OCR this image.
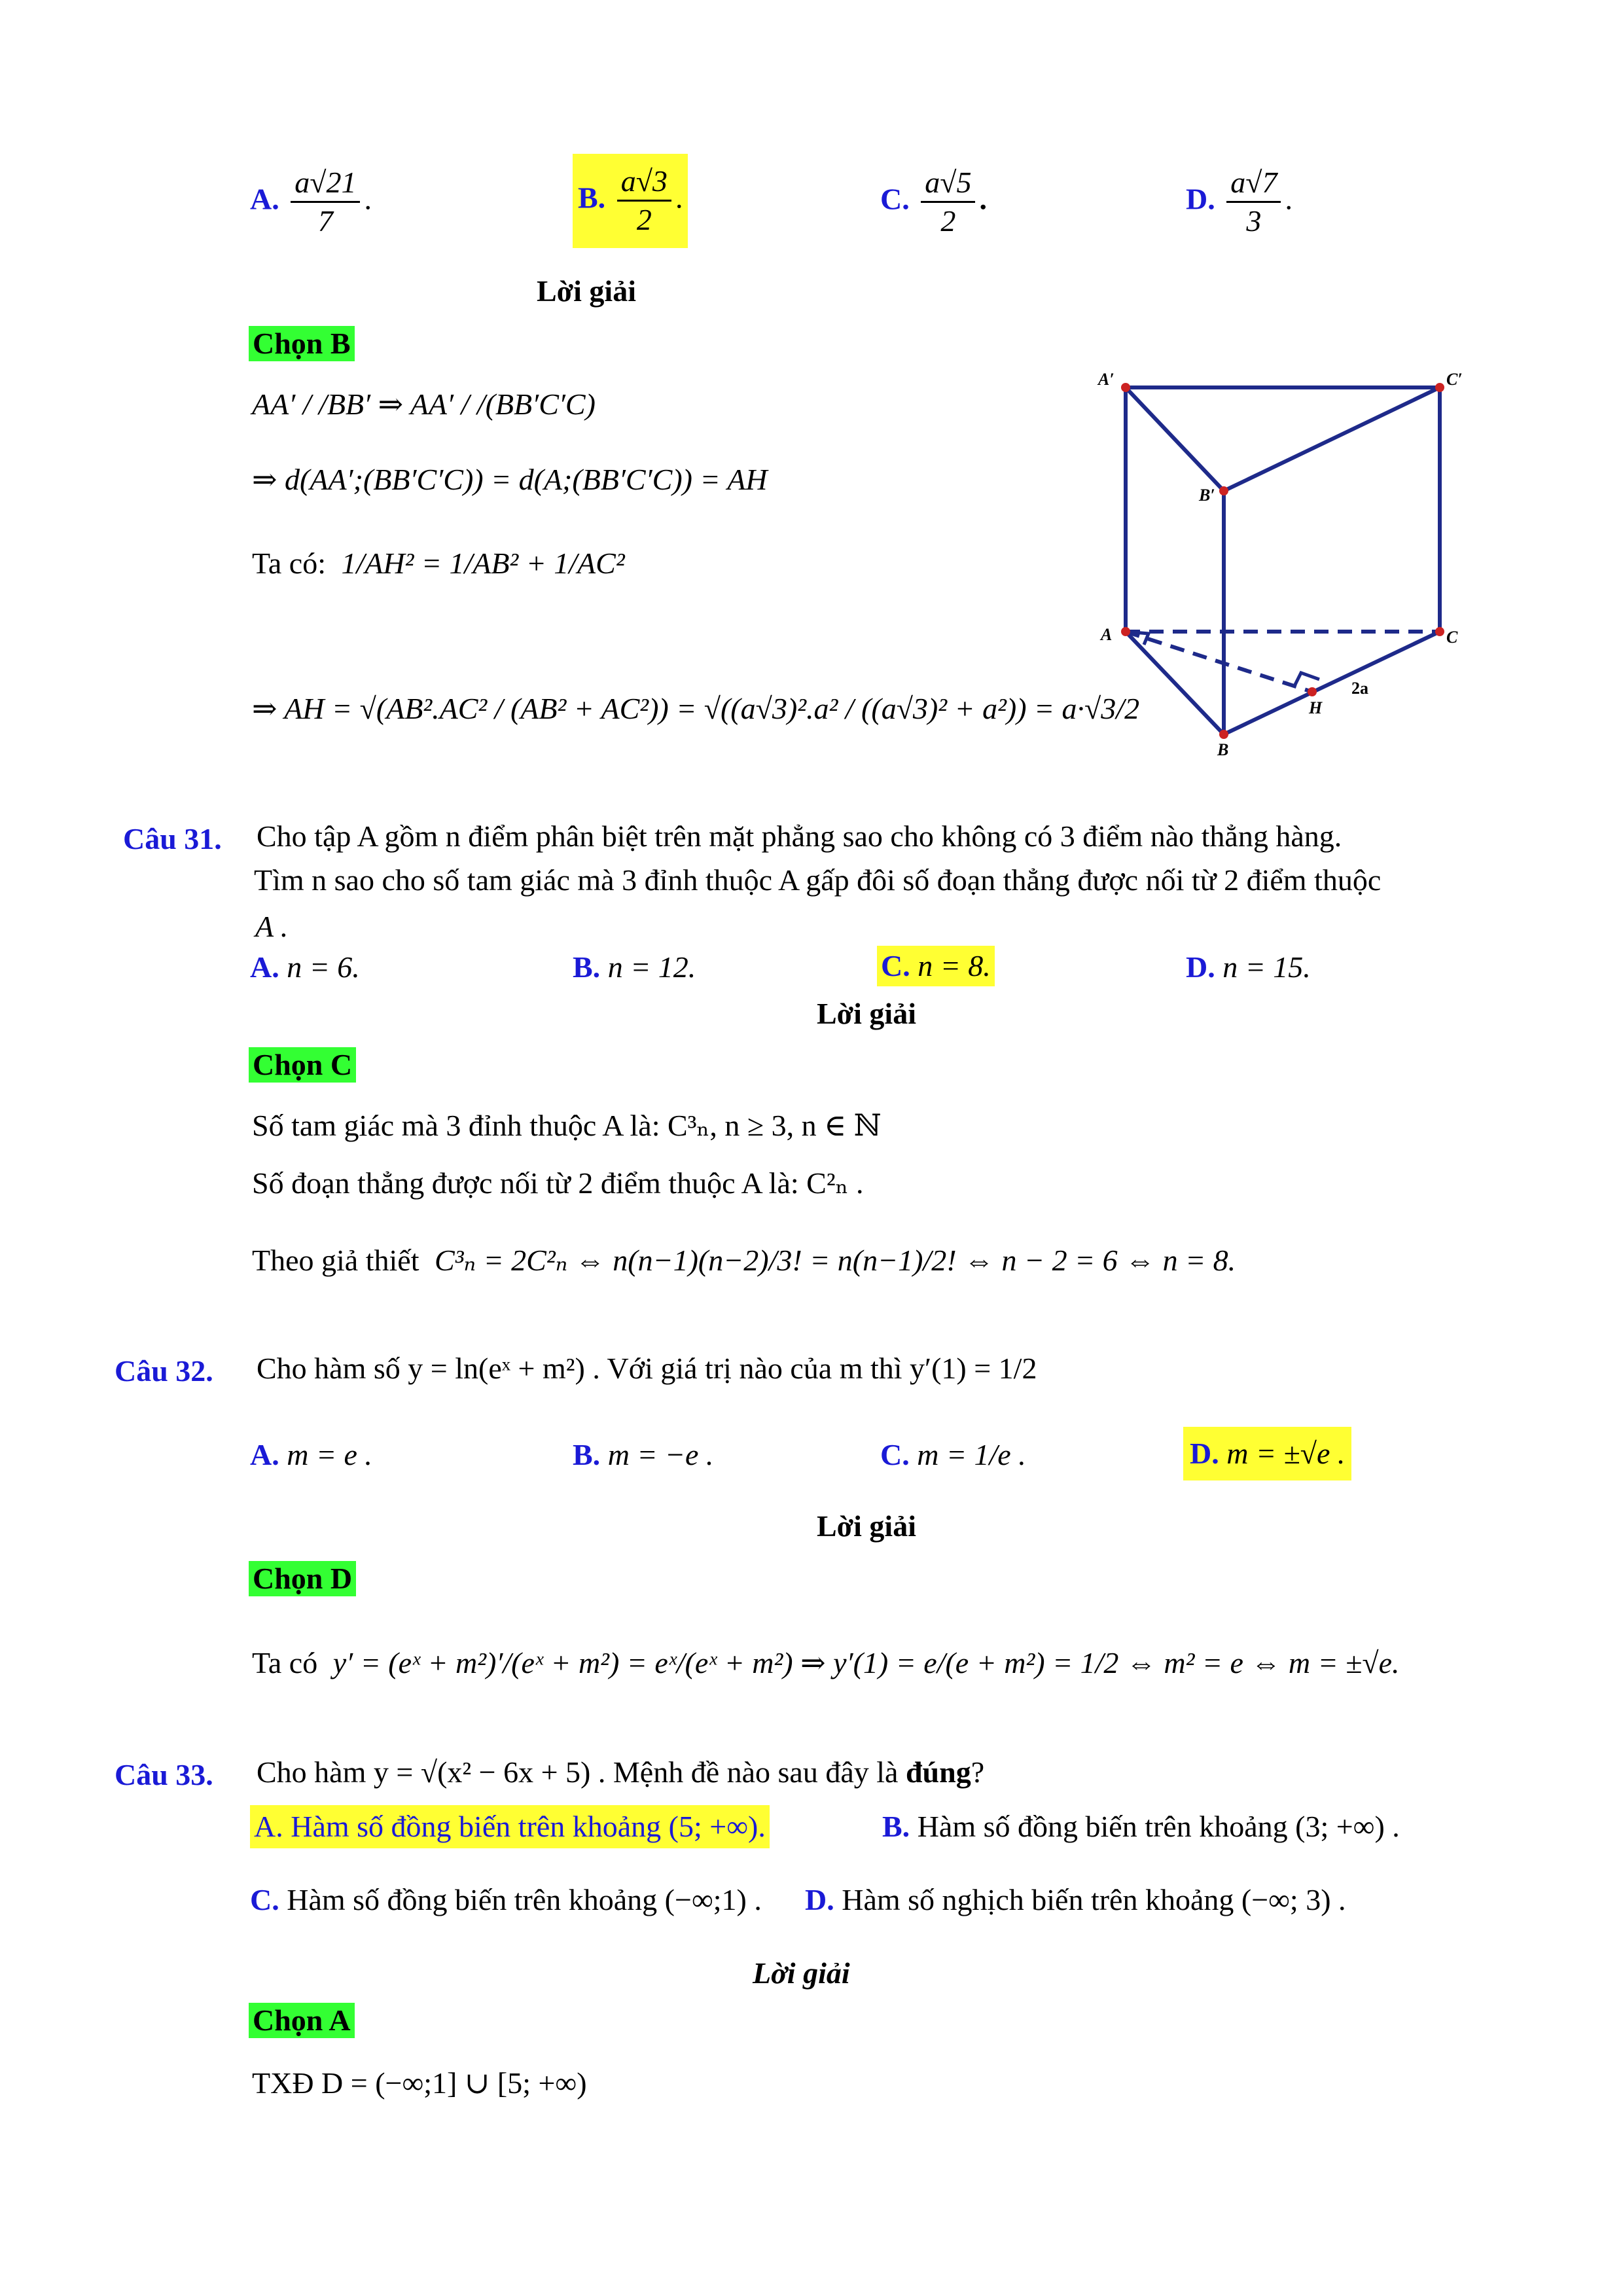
A. $\frac{a√21}{7}$ .	B. $\frac{a√3}{2}$ .	C. $\frac{a√5}{2}$ .	D. $\frac{a√7}{3}$ .
Lời giải
Chọn B
AA′ / /BB′ ⇒ AA′ / /(BB′C′C)
⇒ d(AA′;(BB′C′C)) = d(A;(BB′C′C)) = AH
Ta có: 1/AH² = 1/AB² + 1/AC²
⇒ AH = √(AB².AC² / (AB² + AC²)) = √((a√3)².a² / ((a√3)² + a²)) = a·√3/2
A′	C′
B′
A	C
B
H
2a
Câu 31. Cho tập A gồm n điểm phân biệt trên mặt phẳng sao cho không có 3 điểm nào thẳng hàng.
Tìm n sao cho số tam giác mà 3 đỉnh thuộc A gấp đôi số đoạn thẳng được nối từ 2 điểm thuộc
A .
A. n = 6.	B. n = 12.	C. n = 8.	D. n = 15.
Lời giải
Chọn C
Số tam giác mà 3 đỉnh thuộc A là: C³ₙ, n ≥ 3, n ∈ ℕ
Số đoạn thẳng được nối từ 2 điểm thuộc A là: C²ₙ .
Theo giả thiết C³ₙ = 2C²ₙ ⇔ n(n−1)(n−2)/3! = n(n−1)/2! ⇔ n − 2 = 6 ⇔ n = 8.
Câu 32. Cho hàm số y = ln(eˣ + m²) . Với giá trị nào của m thì y′(1) = 1/2
A. m = e .	B. m = −e .	C. m = 1/e .	D. m = ±√e .
Lời giải
Chọn D
Ta có y′ = (eˣ + m²)′/(eˣ + m²) = eˣ/(eˣ + m²) ⇒ y′(1) = e/(e + m²) = 1/2 ⇔ m² = e ⇔ m = ±√e.
Câu 33. Cho hàm y = √(x² − 6x + 5) . Mệnh đề nào sau đây là đúng?
A. Hàm số đồng biến trên khoảng (5; +∞).	B. Hàm số đồng biến trên khoảng (3; +∞) .
C. Hàm số đồng biến trên khoảng (−∞;1) . D. Hàm số nghịch biến trên khoảng (−∞; 3) .
Lời giải
Chọn A
TXĐ D = (−∞;1] ∪ [5; +∞)
